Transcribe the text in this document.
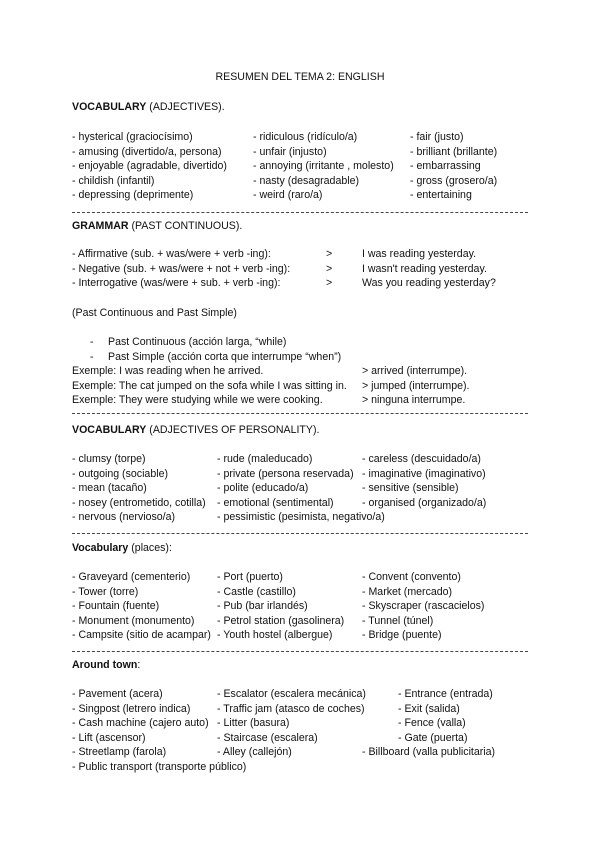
RESUMEN DEL TEMA 2: ENGLISH
VOCABULARY (ADJECTIVES).
- hysterical (graciocísimo)
- amusing (divertido/a, persona)
- enjoyable (agradable, divertido)
- childish (infantil)
- depressing (deprimente)
- ridiculous (ridículo/a)
- unfair (injusto)
- annoying (irritante , molesto)
- nasty (desagradable)
- weird (raro/a)
- fair (justo)
- brilliant (brillante)
- embarrassing
- gross (grosero/a)
- entertaining
GRAMMAR (PAST CONTINUOUS).
- Affirmative (sub. + was/were + verb -ing):
- Negative (sub. + was/were + not + verb -ing):
- Interrogative (was/were + sub. + verb -ing):
>
>
>
I was reading yesterday.
I wasn't reading yesterday.
Was you reading yesterday?
(Past Continuous and Past Simple)
- Past Continuous (acción larga, “while)
- Past Simple (acción corta que interrumpe “when”)
Exemple: I was reading when he arrived.
Exemple: The cat jumped on the sofa while I was sitting in.
Exemple: They were studying while we were cooking.
> arrived (interrumpe).
> jumped (interrumpe).
> ninguna interrumpe.
VOCABULARY (ADJECTIVES OF PERSONALITY).
- clumsy (torpe)
- outgoing (sociable)
- mean (tacaño)
- nosey (entrometido, cotilla)
- nervous (nervioso/a)
- rude (maleducado)
- private (persona reservada)
- polite (educado/a)
- emotional (sentimental)
- pessimistic (pesimista, negativo/a)
- careless (descuidado/a)
- imaginative (imaginativo)
- sensitive (sensible)
- organised (organizado/a)
Vocabulary (places):
- Graveyard (cementerio)
- Tower (torre)
- Fountain (fuente)
- Monument (monumento)
- Campsite (sitio de acampar)
- Port (puerto)
- Castle (castillo)
- Pub (bar irlandés)
- Petrol station (gasolinera)
- Youth hostel (albergue)
- Convent (convento)
- Market (mercado)
- Skyscraper (rascacielos)
- Tunnel (túnel)
- Bridge (puente)
Around town:
- Pavement (acera)
- Singpost (letrero indica)
- Cash machine (cajero auto)
- Lift (ascensor)
- Streetlamp (farola)
- Public transport (transporte público)
- Escalator (escalera mecánica)
- Traffic jam (atasco de coches)
- Litter (basura)
- Staircase (escalera)
- Alley (callejón)
- Entrance (entrada)
- Exit (salida)
- Fence (valla)
- Gate (puerta)
- Billboard (valla publicitaria)
